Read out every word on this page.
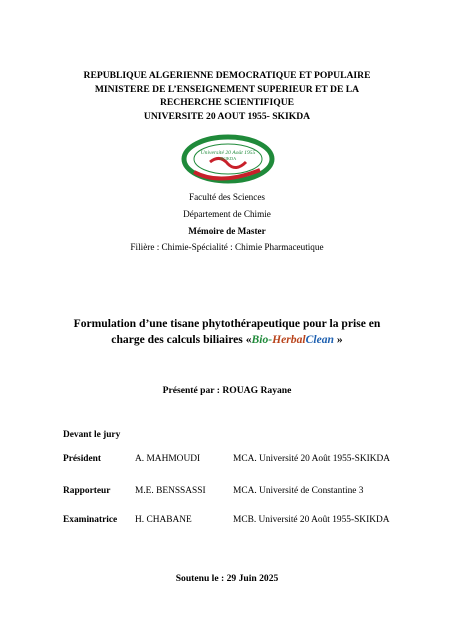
REPUBLIQUE ALGERIENNE DEMOCRATIQUE ET POPULAIRE
MINISTERE DE L’ENSEIGNEMENT SUPERIEUR ET DE LA
RECHERCHE SCIENTIFIQUE
UNIVERSITE 20 AOUT 1955- SKIKDA
Université 20 Août 1955
SKIKDA
Faculté des Sciences
Département de Chimie
Mémoire de Master
Filière : Chimie-Spécialité : Chimie Pharmaceutique
Formulation d’une tisane phytothérapeutique pour la prise en
charge des calculs biliaires «Bio-HerbalClean »
Présenté par : ROUAG Rayane
Devant le jury
Président	A. MAHMOUDI	MCA. Université 20 Août 1955-SKIKDA
Rapporteur	M.E. BENSSASSI	MCA. Université de Constantine 3
Examinatrice H. CHABANE	MCB. Université 20 Août 1955-SKIKDA
Soutenu le : 29 Juin 2025
